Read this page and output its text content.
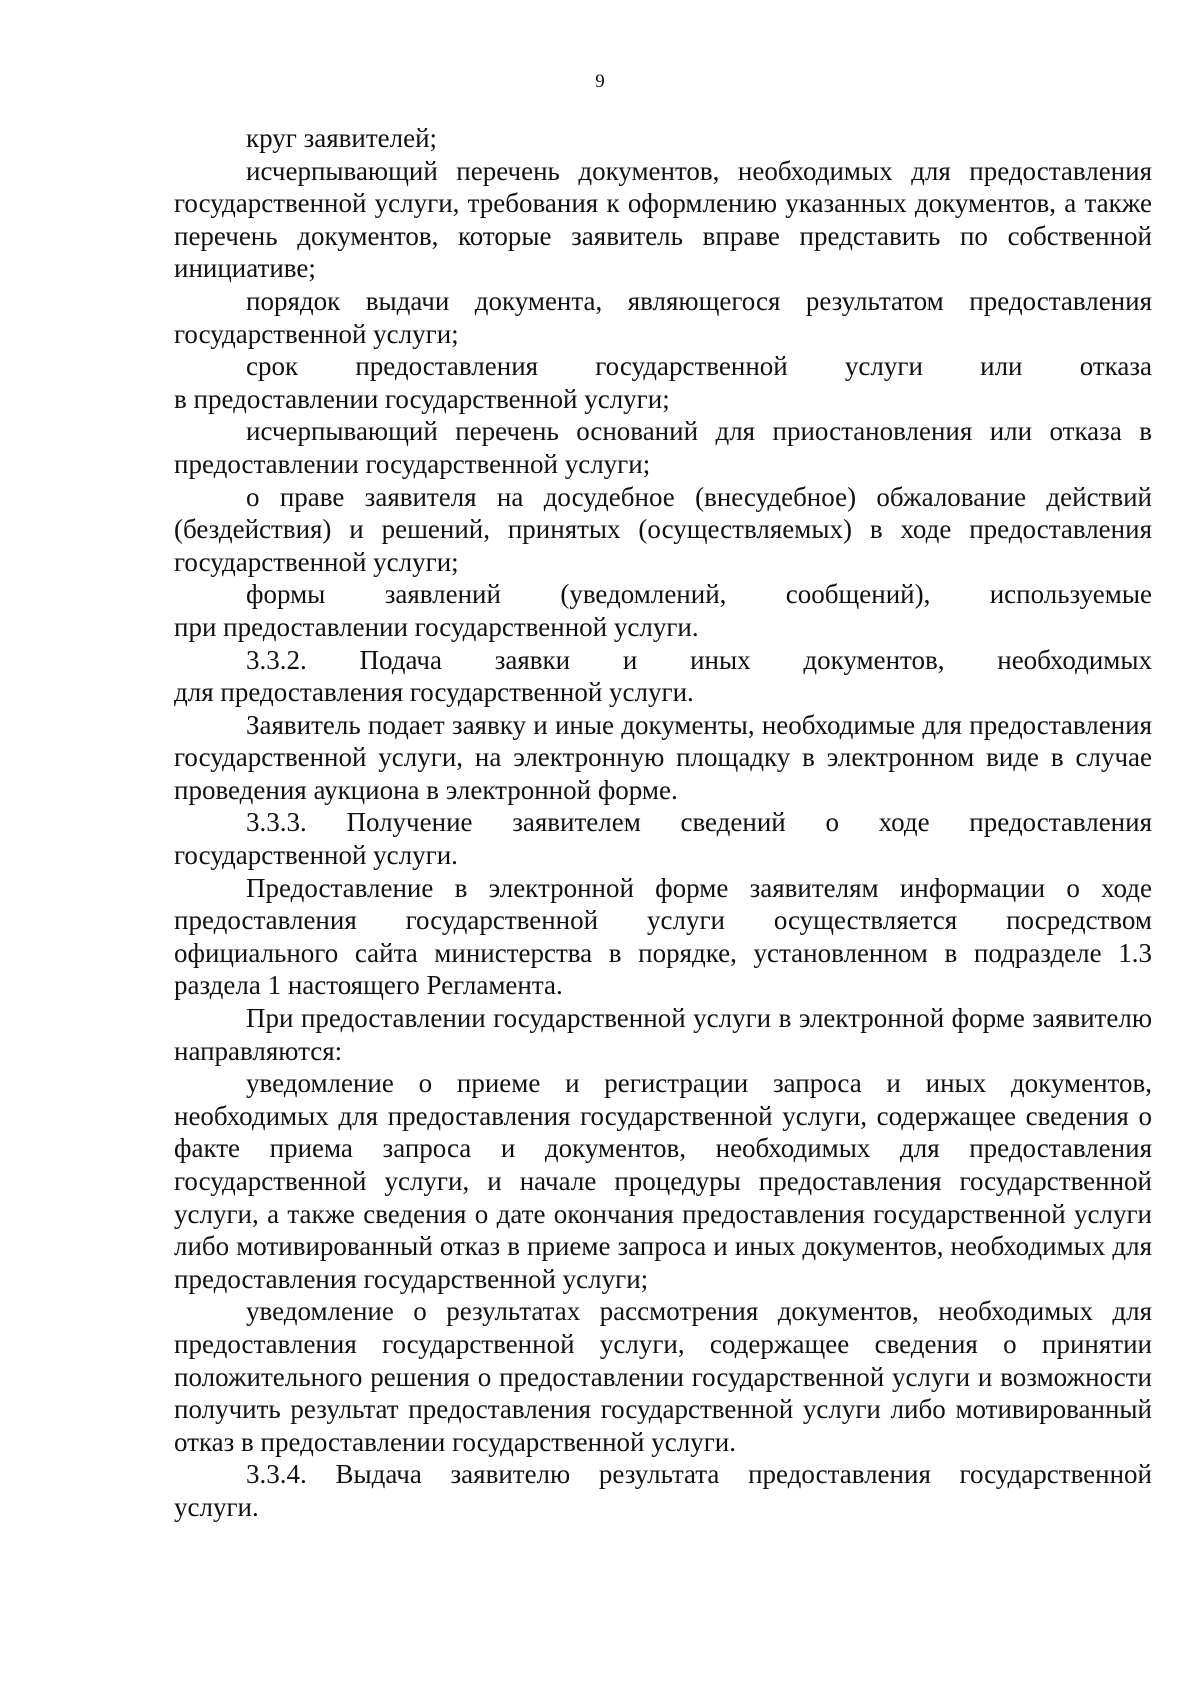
9

круг заявителей;

исчерпывающий перечень документов, необходимых для предоставления государственной услуги, требования к оформлению указанных документов, а также перечень документов, которые заявитель вправе представить по собственной инициативе;

порядок выдачи документа, являющегося результатом предоставления государственной услуги;

срок предоставления государственной услуги или отказа

в предоставлении государственной услуги;

исчерпывающий перечень оснований для приостановления или отказа в предоставлении государственной услуги;

о праве заявителя на досудебное (внесудебное) обжалование действий (бездействия) и решений, принятых (осуществляемых) в ходе предоставления государственной услуги;

формы заявлений (уведомлений, сообщений), используемые

при предоставлении государственной услуги.

3.3.2. Подача заявки и иных документов, необходимых

для предоставления государственной услуги.

Заявитель подает заявку и иные документы, необходимые для предоставления государственной услуги, на электронную площадку в электронном виде в случае проведения аукциона в электронной форме.

3.3.3. Получение заявителем сведений о ходе предоставления

государственной услуги.

Предоставление в электронной форме заявителям информации о ходе предоставления государственной услуги осуществляется посредством официального сайта министерства в порядке, установленном в подразделе 1.3 раздела 1 настоящего Регламента.

При предоставлении государственной услуги в электронной форме заявителю направляются:

уведомление о приеме и регистрации запроса и иных документов, необходимых для предоставления государственной услуги, содержащее сведения о факте приема запроса и документов, необходимых для предоставления государственной услуги, и начале процедуры предоставления государственной услуги, а также сведения о дате окончания предоставления государственной услуги либо мотивированный отказ в приеме запроса и иных документов, необходимых для предоставления государственной услуги;

уведомление о результатах рассмотрения документов, необходимых для предоставления государственной услуги, содержащее сведения о принятии положительного решения о предоставлении государственной услуги и возможности получить результат предоставления государственной услуги либо мотивированный отказ в предоставлении государственной услуги.

3.3.4. Выдача заявителю результата предоставления государственной

услуги.
